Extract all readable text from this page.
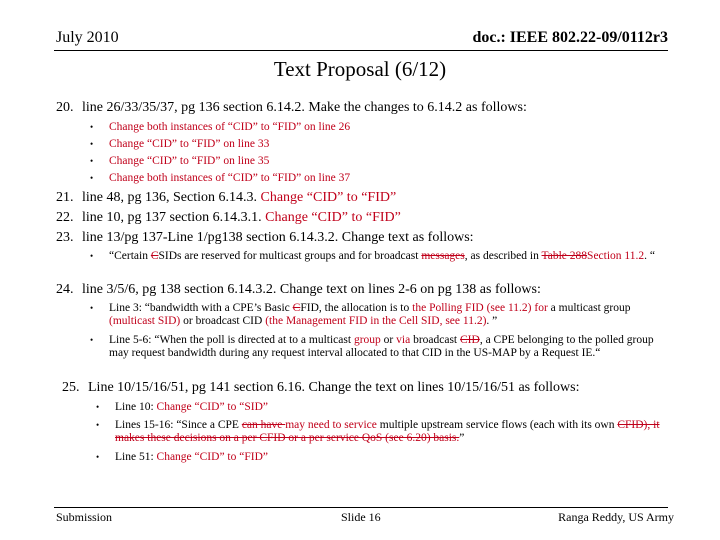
July 2010	doc.: IEEE 802.22-09/0112r3
Text Proposal (6/12)
20. line 26/33/35/37, pg 136 section 6.14.2. Make the changes to 6.14.2 as follows:
• Change both instances of “CID” to “FID” on line 26
• Change “CID” to “FID” on line 33
• Change “CID” to “FID” on line 35
• Change both instances of “CID” to “FID” on line 37
21. line 48, pg 136, Section 6.14.3. Change “CID” to “FID”
22. line 10, pg 137 section 6.14.3.1. Change “CID” to “FID”
23. line 13/pg 137-Line 1/pg138 section 6.14.3.2. Change text as follows:
• “Certain CSIDs are reserved for multicast groups and for broadcast messages, as described in Table 288Section 11.2. “
24. line 3/5/6, pg 138 section 6.14.3.2. Change text on lines 2-6 on pg 138 as follows:
• Line 3: “bandwidth with a CPE’s Basic CFID, the allocation is to the Polling FID (see 11.2) for a multicast group (multicast SID) or broadcast CID (the Management FID in the Cell SID, see 11.2). ”
• Line 5-6: “When the poll is directed at to a multicast group or via broadcast CID, a CPE belonging to the polled group may request bandwidth during any request interval allocated to that CID in the US-MAP by a Request IE.“
25. Line 10/15/16/51, pg 141 section 6.16. Change the text on lines 10/15/16/51 as follows:
• Line 10: Change “CID” to “SID”
• Lines 15-16: “Since a CPE can have may need to service multiple upstream service flows (each with its own CFID), it makes these decisions on a per CFID or a per service QoS (see 6.20) basis.”
• Line 51: Change “CID” to “FID”
Submission	Slide 16	Ranga Reddy, US Army
